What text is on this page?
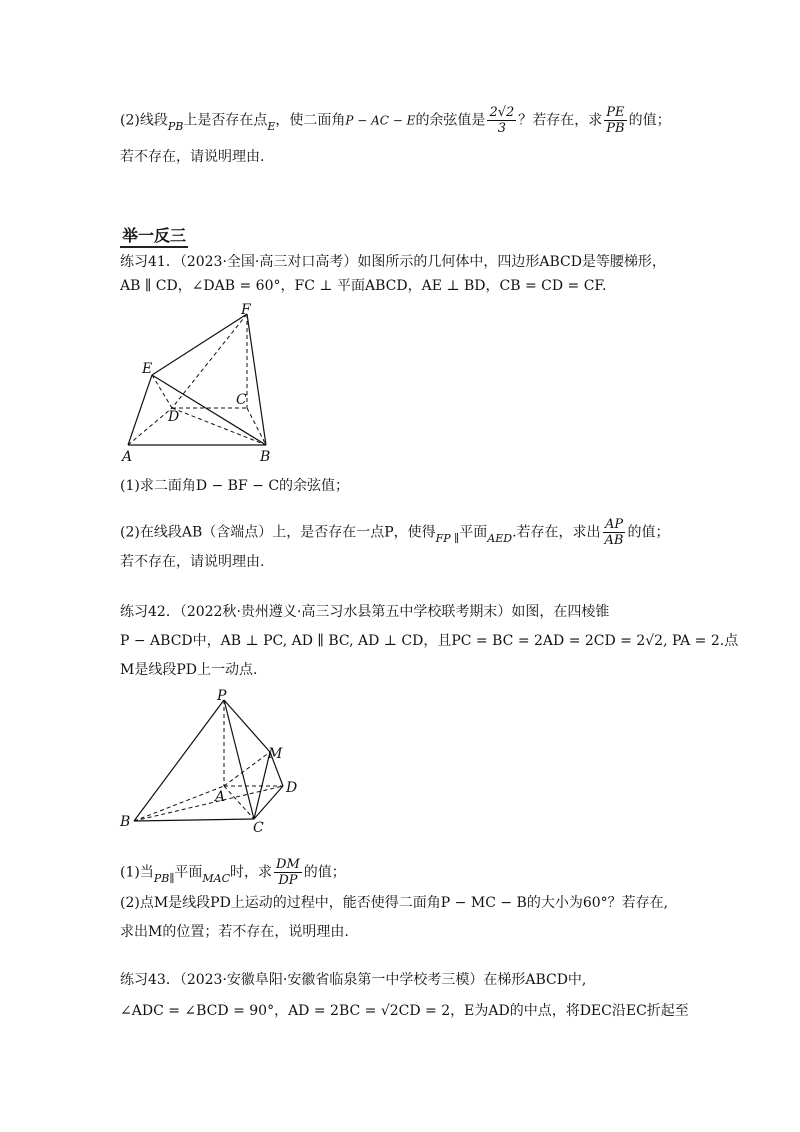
(2)线段$_{PB}$上是否存在点$_E$，使二面角P − AC − E的余弦值是 $\frac{2√2}{3}$ ？若存在，求 $\frac{PE}{PB}$ 的值；
若不存在，请说明理由.
举一反三
练习41．（2023·全国·高三对口高考）如图所示的几何体中，四边形ABCD是等腰梯形，
AB ∥ CD，∠DAB = 60°，FC ⊥ 平面ABCD，AE ⊥ BD，CB = CD = CF.
F
E
C
D
A	B
(1)求二面角D − BF − C的余弦值；
(2)在线段AB（含端点）上，是否存在一点P，使得$_{FP \parallel}$平面$_{AED}$.若存在，求出 $\frac{AP}{AB}$ 的值；
若不存在，请说明理由.
练习42．（2022秋·贵州遵义·高三习水县第五中学校联考期末）如图，在四棱锥
P − ABCD中，AB ⊥ PC, AD ∥ BC, AD ⊥ CD，且PC = BC = 2AD = 2CD = 2√2, PA = 2.点
M是线段PD上一动点.
P
M
D
A
B	C
(1)当$_{PB\parallel}$平面$_{MAC}$时，求 $\frac{DM}{DP}$ 的值；
(2)点M是线段PD上运动的过程中，能否使得二面角P − MC − B的大小为60°？若存在,
求出M的位置；若不存在，说明理由.
练习43．（2023·安徽阜阳·安徽省临泉第一中学校考三模）在梯形ABCD中,
∠ADC = ∠BCD = 90°，AD = 2BC = √2CD = 2，E为AD的中点，将DEC沿EC折起至
